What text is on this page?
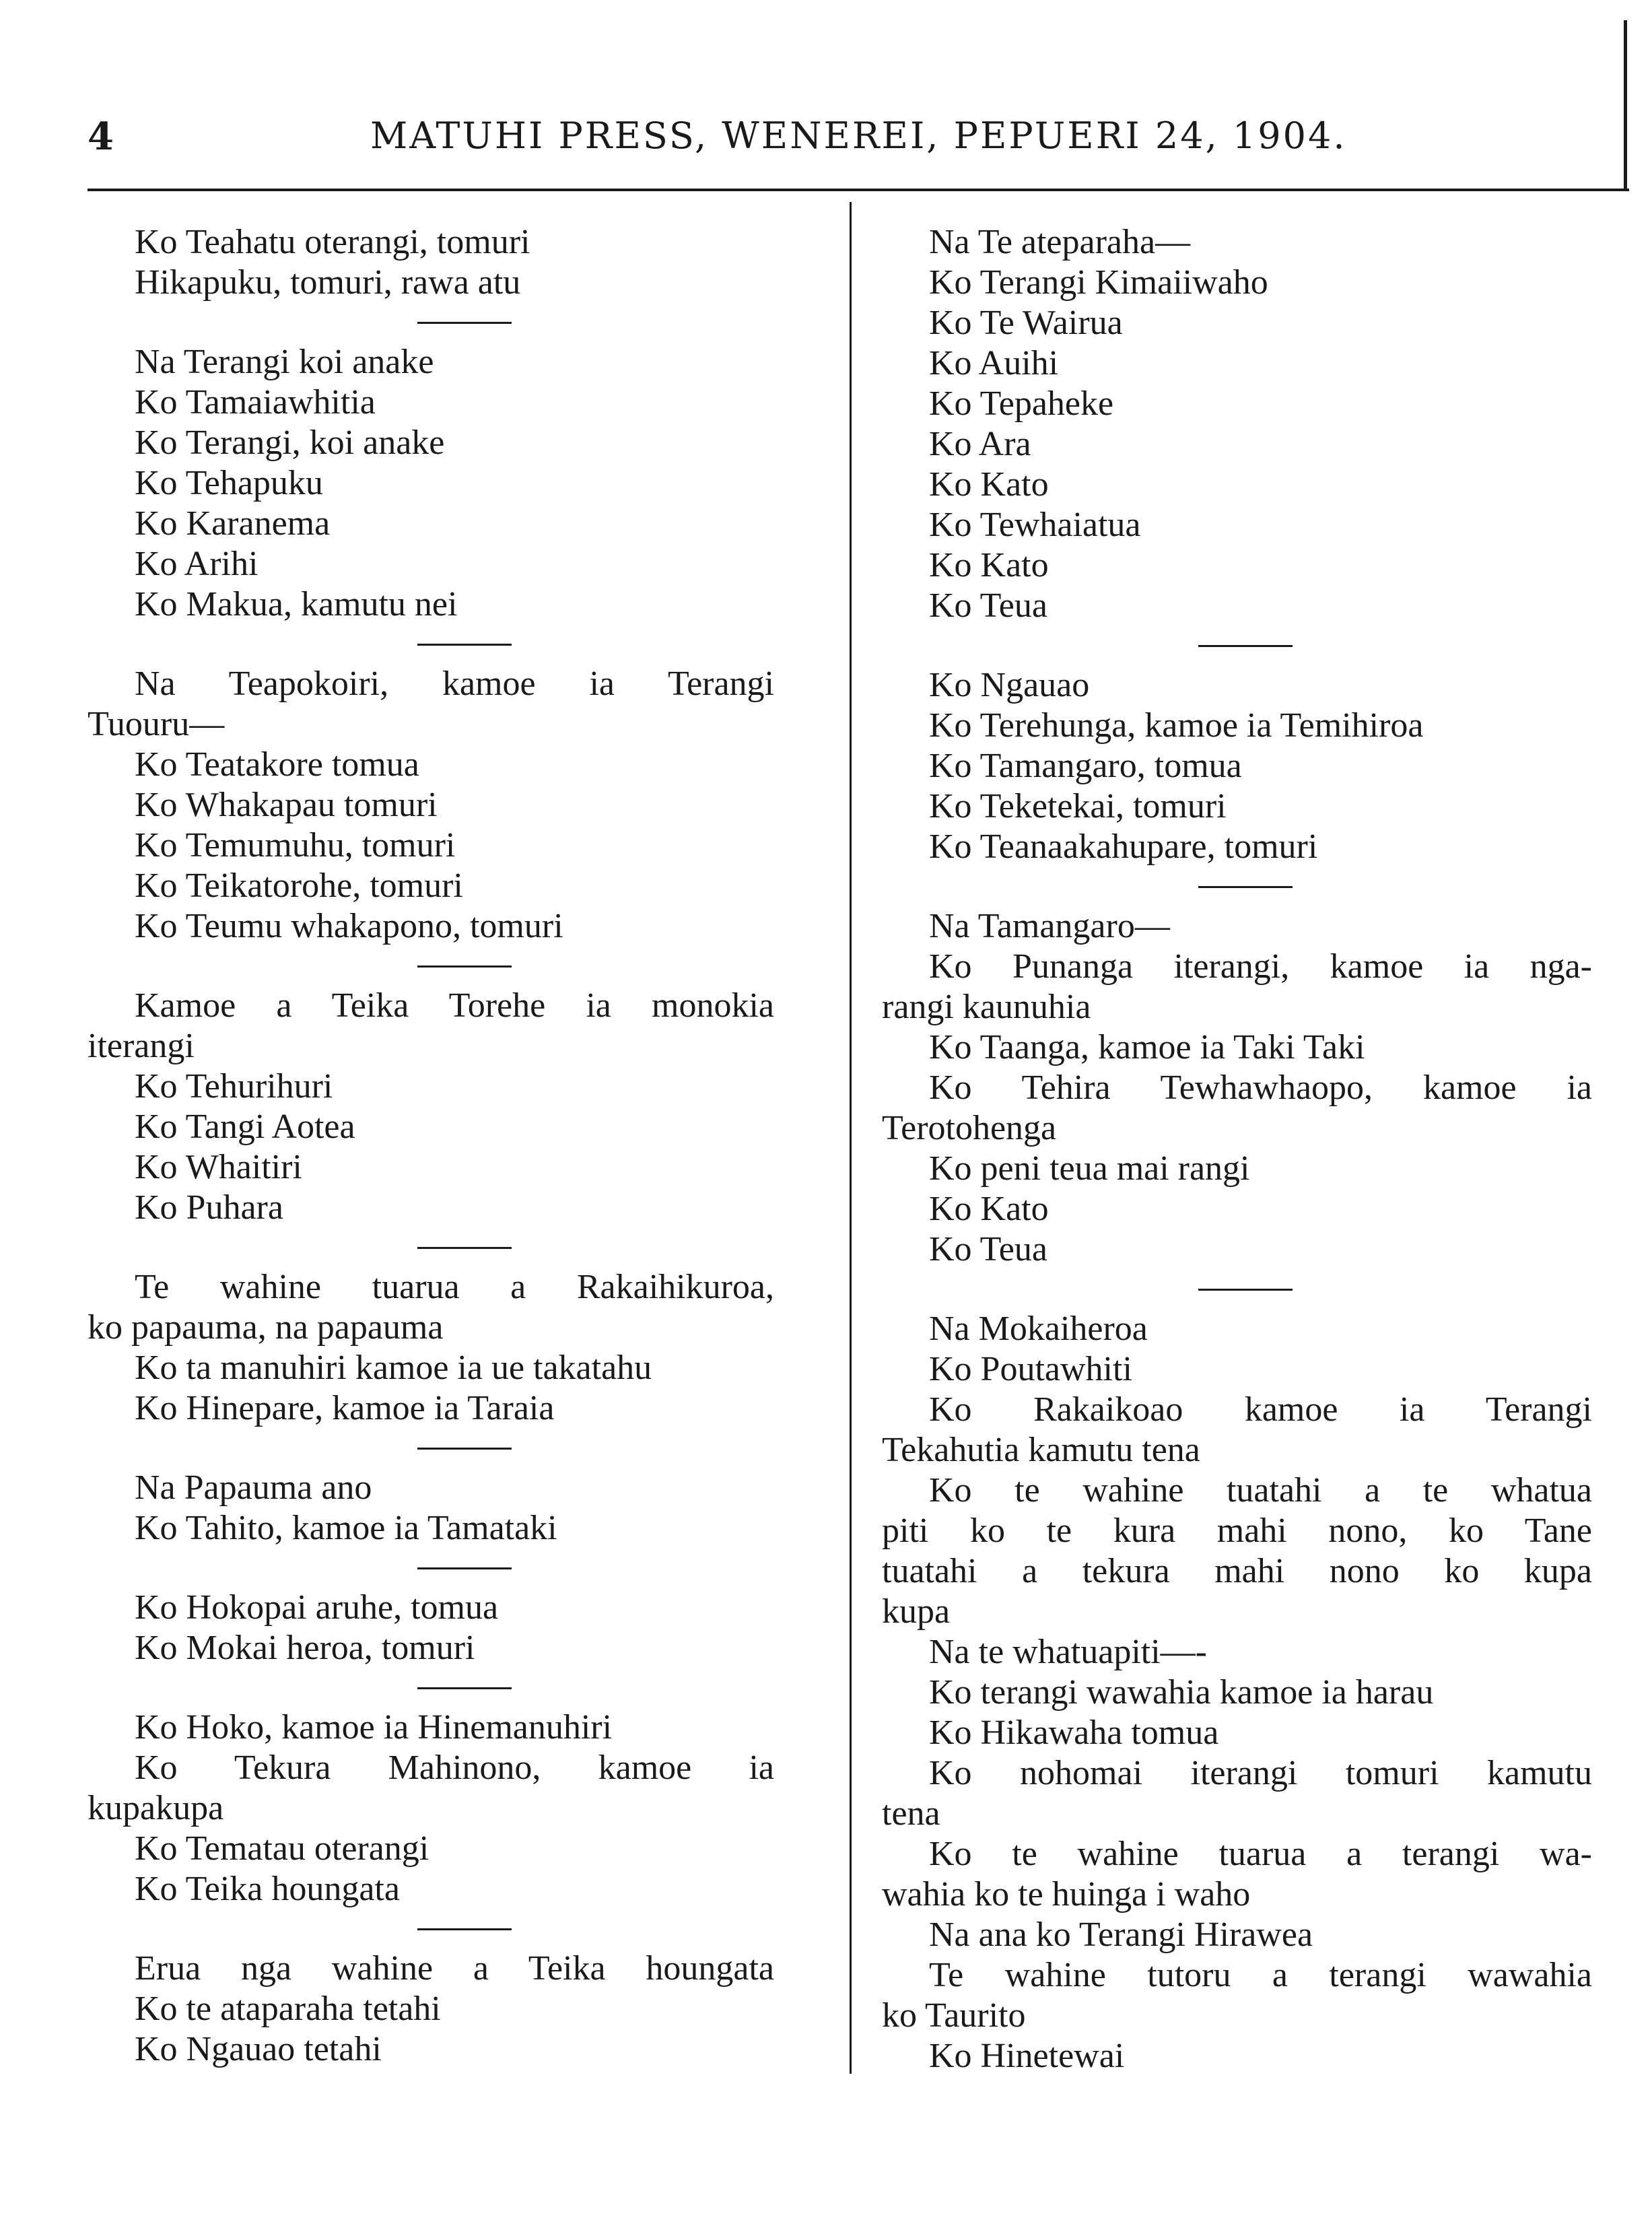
4	MATUHI PRESS, WENEREI, PEPUERI 24, 1904.
Ko Teahatu oterangi, tomuri
Hikapuku, tomuri, rawa atu
Na Terangi koi anake
Ko Tamaiawhitia
Ko Terangi, koi anake
Ko Tehapuku
Ko Karanema
Ko Arihi
Ko Makua, kamutu nei
Na Teapokoiri, kamoe ia Terangi
Tuouru—
Ko Teatakore tomua
Ko Whakapau tomuri
Ko Temumuhu, tomuri
Ko Teikatorohe, tomuri
Ko Teumu whakapono, tomuri
Kamoe a Teika Torehe ia monokia
iterangi
Ko Tehurihuri
Ko Tangi Aotea
Ko Whaitiri
Ko Puhara
Te wahine tuarua a Rakaihikuroa,
ko papauma, na papauma
Ko ta manuhiri kamoe ia ue takatahu
Ko Hinepare, kamoe ia Taraia
Na Papauma ano
Ko Tahito, kamoe ia Tamataki
Ko Hokopai aruhe, tomua
Ko Mokai heroa, tomuri
Ko Hoko, kamoe ia Hinemanuhiri
Ko Tekura Mahinono, kamoe ia
kupakupa
Ko Tematau oterangi
Ko Teika houngata
Erua nga wahine a Teika houngata
Ko te ataparaha tetahi
Ko Ngauao tetahi
Na Te ateparaha—
Ko Terangi Kimaiiwaho
Ko Te Wairua
Ko Auihi
Ko Tepaheke
Ko Ara
Ko Kato
Ko Tewhaiatua
Ko Kato
Ko Teua
Ko Ngauao
Ko Terehunga, kamoe ia Temihiroa
Ko Tamangaro, tomua
Ko Teketekai, tomuri
Ko Teanaakahupare, tomuri
Na Tamangaro—
Ko Punanga iterangi, kamoe ia nga-
rangi kaunuhia
Ko Taanga, kamoe ia Taki Taki
Ko Tehira Tewhawhaopo, kamoe ia
Terotohenga
Ko peni teua mai rangi
Ko Kato
Ko Teua
Na Mokaiheroa
Ko Poutawhiti
Ko Rakaikoao kamoe ia Terangi
Tekahutia kamutu tena
Ko te wahine tuatahi a te whatua
piti ko te kura mahi nono, ko Tane
tuatahi a tekura mahi nono ko kupa
kupa
Na te whatuapiti—-
Ko terangi wawahia kamoe ia harau
Ko Hikawaha tomua
Ko nohomai iterangi tomuri kamutu
tena
Ko te wahine tuarua a terangi wa-
wahia ko te huinga i waho
Na ana ko Terangi Hirawea
Te wahine tutoru a terangi wawahia
ko Taurito
Ko Hinetewai
